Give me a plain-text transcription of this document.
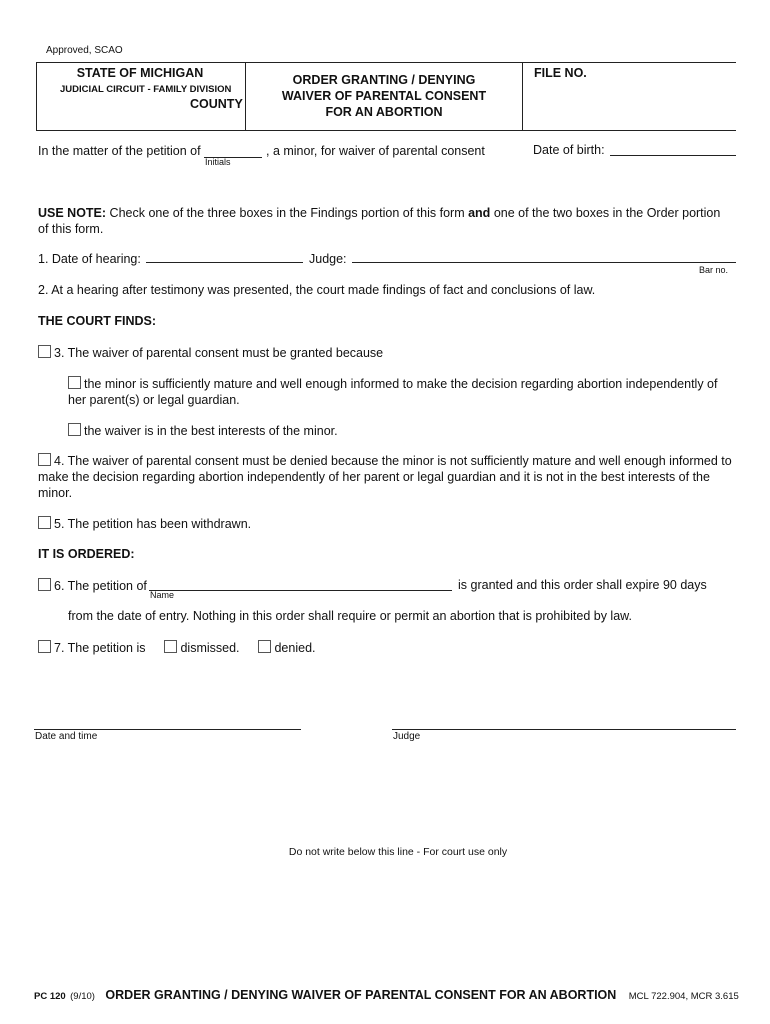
Approved, SCAO
STATE OF MICHIGAN
JUDICIAL CIRCUIT - FAMILY DIVISION
COUNTY
ORDER GRANTING / DENYING
WAIVER OF PARENTAL CONSENT
FOR AN ABORTION
FILE NO.
In the matter of the petition of
Initials
, a minor, for waiver of parental consent	Date of birth:
USE NOTE: Check one of the three boxes in the Findings portion of this form and one of the two boxes in the Order portion of this form.
1. Date of hearing:	Judge:
Bar no.
2. At a hearing after testimony was presented, the court made findings of fact and conclusions of law.
THE COURT FINDS:
3. The waiver of parental consent must be granted because
the minor is sufficiently mature and well enough informed to make the decision regarding abortion independently of her parent(s) or legal guardian.
the waiver is in the best interests of the minor.
4. The waiver of parental consent must be denied because the minor is not sufficiently mature and well enough informed to make the decision regarding abortion independently of her parent or legal guardian and it is not in the best interests of the minor.
5. The petition has been withdrawn.
IT IS ORDERED:
6. The petition of
Name
is granted and this order shall expire 90 days
from the date of entry. Nothing in this order shall require or permit an abortion that is prohibited by law.
7. The petition is	dismissed.	denied.
Date and time	Judge
Do not write below this line - For court use only
PC 120 (9/10) ORDER GRANTING / DENYING WAIVER OF PARENTAL CONSENT FOR AN ABORTION MCL 722.904, MCR 3.615
